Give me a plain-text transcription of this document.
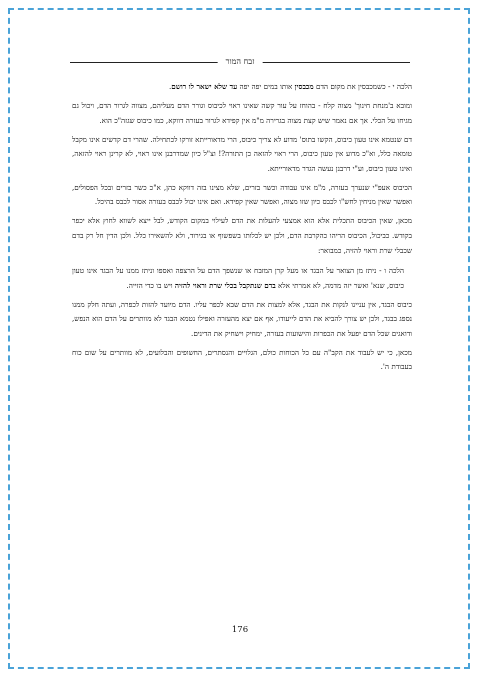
זבח המור

הלכה י - כשמכבסין את מקום הדם מכבסין אותו במים יפה יפה עד שלא ישאר לו רושם.

ומובא ב'מנחת חינוך' מצוה קלח - בהוחז על עור קשה שאינו ראוי לכיבוס וגורר הדם מעליהם, מצווה לגרור הדם, ויכול גם מגיחו על הכלי. אך אם נאמר שיש קצת מצוה בגרירה מ"מ אין קפידא לגרור בעזרה דווקא, כמו כיבוס שגזה"כ הוא.

דם שנטמא אינו טעון כיבוס, הקשו בתוס' מדוע לא צריך כיבוס, הרי מדאורייתא זורקו לכתחילה. שהרי דם קדשים אינו מקבל טומאה כלל, וא"כ מדוע אין טעון כיבוס, הרי ראוי להזאה כן התורה?! וצ"ל כיון שמדרבנן אינו ראוי, לא קרינן ראוי להזאה, ואינו טעון כיבוס, וע"י דרבנן נעשה הגדר מדאורייתא.

הכיבוס אעפ"י שנערך בעזרה, מ"מ אינו עבודה וכשר בזרים, שלא מצינו בזה דווקא כהן, א"כ כשר בזרים ובכל הפסולים, ואפשר שאין מניחין לחש"ו לכבס כיון שזו מצוה, ואפשר שאין קפידא. ואם אינו יכול לכבס בעזרה אסור לכבס בהיכל.

מכאן, שאין הכיבוס התכלית אלא הוא אמצעי להעלות את הדם לעילוי במקום הקודש, לבל ייצא לשווא לחוץ אלא יכפר בקודש. כביכול, הכיבוס הריהו כהקרבת הדם, ולכן יש לכלותו בשפשוף או בגירוד, ולא להשאירו כלל. ולכן הדין חל רק בדם שכבלי שרת וראוי להזיה, כמבואר:

הלכה ו - ניתז מן הצואר על הבגד או מעל קרן המזבח או שנשפך הדם על הרצפה ואספו וניתז ממנו על הבגד אינו טעון כיבוס, שנא' ואשר יזה מדמה, לא אמרתי אלא בדם שנתקבל בכלי שרת וראוי להזיה ויש בו כדי הזייה.

כיבוס הבגד, אין עניינו לנקות את הבגד, אלא למצות את הדם שבא לכפר עליו. הדם מיועד להזות לכפרה, ועתה חלק ממנו נספג בבגד, ולכן יש צורך להביא את הדם לייעודו, אף אם יצא מהעזרה ואפילו נטמא הבגד לא מוותרים על הדם הוא הנפש, ודואגים שכל הדם יפעל את הכפרות והישועות בעזרה, ימחיק וישחיק את הדינים.

מכאן, כי יש לעבוד את הקב"ה עם כל הכוחות כולם, הגלויים והנסתרים, החשופים והבלועים, לא מוותרים על שום כוח בעבודת ה'.

176
